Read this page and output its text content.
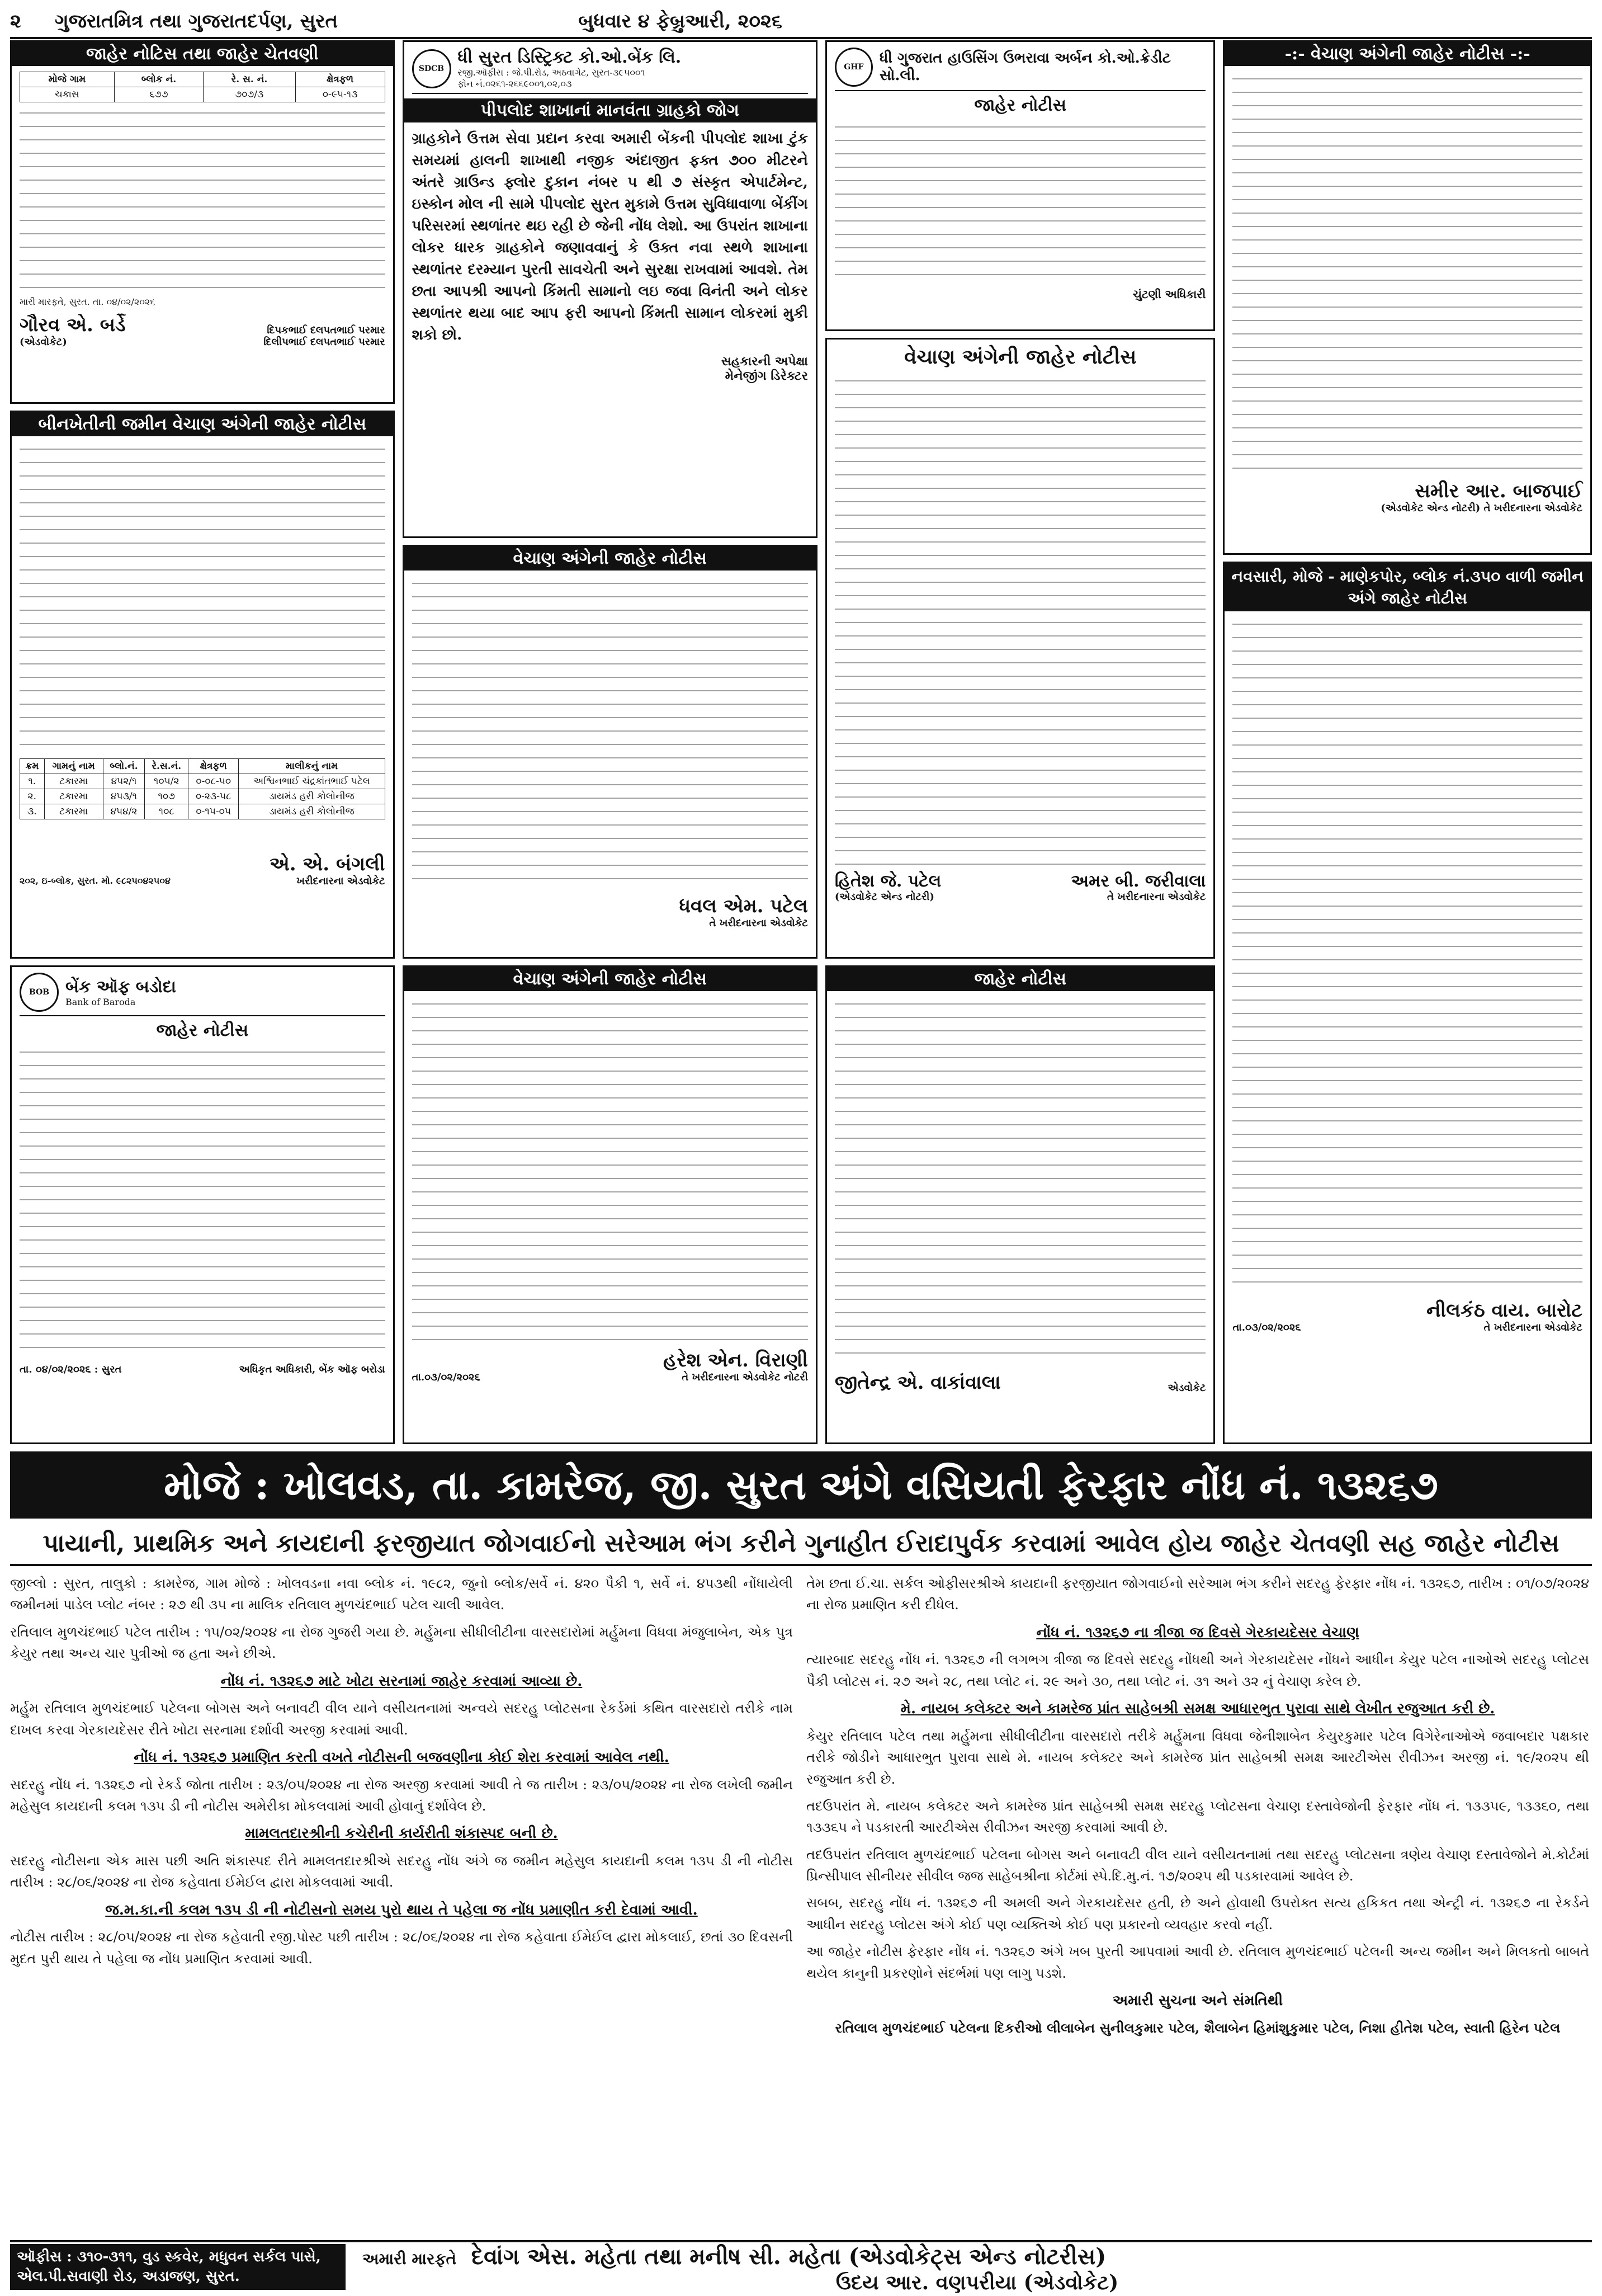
૨	ગુજરાતમિત્ર તથા ગુજરાતદર્પણ, સુરત	બુધવાર ૪ ફેબ્રુઆરી, ૨૦૨૬
જાહેર નોટિસ તથા જાહેર ચેતવણી
મોજે ગામ	બ્લોક નં.	રે. સ. નં.	ક્ષેત્રફળ
ચકાસ	૬૭૭	૭૦૭/૩	૦-૯૫-૧૩
મારી મારફતે, સુરત. તા. ૦૪/૦૨/૨૦૨૬
ગૌરવ એ. બર્ડે
(એડવોકેટ)
દિપકભાઈ દલપતભાઈ પરમાર
દિલીપભાઈ દલપતભાઈ પરમાર
બીનખેતીની જમીન વેચાણ અંગેની જાહેર નોટીસ
ક્રમ	ગામનું નામ	બ્લો.નં.	રે.સ.નં.	ક્ષેત્રફળ	માલીકનું નામ
૧.	ટકારમા	૪૫૨/૧	૧૦૫/૨	૦-૦૮-૫૦	અશ્વિનભાઈ ચંદ્રકાંતભાઈ પટેલ
૨.	ટકારમા	૪૫૩/૧	૧૦૭	૦-૨૩-૫૮	ડાયમંડ હરી કોલોનીજ
૩.	ટકારમા	૪૫૪/૨	૧૦૮	૦-૧૫-૦૫	ડાયમંડ હરી કોલોનીજ
૨૦૨, ઇ-બ્લોક, સુરત. મો. ૯૮૨૫૦૪૨૫૦૪
એ. એ. બંગલી
ખરીદનારના એડવોકેટ
BOB બેંક ઑફ બડોદા
Bank of Baroda
જાહેર નોટીસ
તા. ૦૪/૦૨/૨૦૨૬ : સુરત	અધિકૃત અધિકારી, બેંક ઑફ બરોડા
SDCB
ધી સુરત ડિસ્ટ્રિક્ટ કો.ઓ.બેંક લિ.
રજી.ઑફીસ : જે.પી.રોડ, અઠવાગેટ, સુરત-૩૯૫૦૦૧
ફોન નં.૦૨૬૧-૨૬૬૯૦૦૧,૦૨,૦૩
પીપલોદ શાખાનાં માનવંતા ગ્રાહકો જોગ
ગ્રાહકોને ઉત્તમ સેવા પ્રદાન કરવા અમારી બેંકની પીપલોદ શાખા ટુંક સમયમાં હાલની શાખાથી નજીક અંદાજીત ફક્ત ૭૦૦ મીટરને અંતરે ગ્રાઉન્ડ ફ્લોર દુકાન નંબર ૫ થી ૭ સંસ્કૃત એપાર્ટમેન્ટ, ઇસ્કોન મોલ ની સામે પીપલોદ સુરત મુકામે ઉત્તમ સુવિધાવાળા બેંકીંગ પરિસરમાં સ્થળાંતર થઇ રહી છે જેની નોંધ લેશો. આ ઉપરાંત શાખાના લોકર ધારક ગ્રાહકોને જણાવવાનું કે ઉક્ત નવા સ્થળે શાખાના સ્થળાંતર દરમ્યાન પુરતી સાવચેતી અને સુરક્ષા રાખવામાં આવશે. તેમ છતા આપશ્રી આપનો કિંમતી સામાનો લઇ જવા વિનંતી અને લોકર સ્થળાંતર થયા બાદ આપ ફરી આપનો કિંમતી સામાન લોકરમાં મુકી શકો છો.
સહકારની અપેક્ષા
મેનેજીંગ ડિરેક્ટર
વેચાણ અંગેની જાહેર નોટીસ
ધવલ એમ. પટેલ
તે ખરીદનારના એડવોકેટ
વેચાણ અંગેની જાહેર નોટીસ
તા.૦૩/૦૨/૨૦૨૬
હરેશ એન. વિરાણી
તે ખરીદનારના એડવોકેટ નોટરી
GHF
ધી ગુજરાત હાઉસિંગ ઉભરાવા અર્બન કો.ઓ.ક્રેડીટ સો.લી.
જાહેર નોટીસ
ચુંટણી અધિકારી
વેચાણ અંગેની જાહેર નોટીસ
હિતેશ જે. પટેલ
(એડવોકેટ એન્ડ નોટરી)
અમર બી. જરીવાલા
તે ખરીદનારના એડવોકેટ
જાહેર નોટીસ
જીતેન્દ્ર એ. વાકાંવાલા	એડવોકેટ
-:- વેચાણ અંગેની જાહેર નોટીસ -:-
સમીર આર. બાજપાઈ
(એડવોકેટ એન્ડ નોટરી) તે ખરીદનારના એડવોકેટ
નવસારી, મોજે - માણેકપોર, બ્લોક નં.૩૫૦ વાળી જમીન અંગે જાહેર નોટીસ
તા.૦૩/૦૨/૨૦૨૬
નીલકંઠ વાય. બારોટ
તે ખરીદનારના એડવોકેટ
મોજે : ખોલવડ, તા. કામરેજ, જી. સુરત અંગે વસિયતી ફેરફાર નોંધ નં. ૧૩૨૬૭
પાયાની, પ્રાથમિક અને કાયદાની ફરજીયાત જોગવાઈનો સરેઆમ ભંગ કરીને ગુનાહીત ઈરાદાપુર્વક કરવામાં આવેલ હોય જાહેર ચેતવણી સહ જાહેર નોટીસ

જીલ્લો : સુરત, તાલુકો : કામરેજ, ગામ મોજે : ખોલવડના નવા બ્લોક નં. ૧૯૮૨, જુનો બ્લોક/સર્વે નં. ૪૨૦ પૈકી ૧, સર્વે નં. ૪૫૩થી નોંધાયેલી જમીનમાં પાડેલ પ્લોટ નંબર : ૨૭ થી ૩૫ ના માલિક રતિલાલ મુળચંદભાઈ પટેલ ચાલી આવેલ.

રતિલાલ મુળચંદભાઈ પટેલ તારીખ : ૧૫/૦૨/૨૦૨૪ ના રોજ ગુજરી ગયા છે. મર્હુમના સીધીલીટીના વારસદારોમાં મર્હુમના વિધવા મંજુલાબેન, એક પુત્ર કેયુર તથા અન્ય ચાર પુત્રીઓ જ હતા અને છીએ.

નોંધ નં. ૧૩૨૬૭ માટે ખોટા સરનામાં જાહેર કરવામાં આવ્યા છે.

મર્હુમ રતિલાલ મુળચંદભાઈ પટેલના બોગસ અને બનાવટી વીલ યાને વસીયતનામાં અન્વયે સદરહુ પ્લોટસના રેકર્ડમાં કથિત વારસદારો તરીકે નામ દાખલ કરવા ગેરકાયદેસર રીતે ખોટા સરનામા દર્શાવી અરજી કરવામાં આવી.

નોંધ નં. ૧૩૨૬૭ પ્રમાણિત કરતી વખતે નોટીસની બજવણીના કોઈ શેરા કરવામાં આવેલ નથી.

સદરહુ નોંધ નં. ૧૩૨૬૭ નો રેકર્ડ જોતા તારીખ : ૨૩/૦૫/૨૦૨૪ ના રોજ અરજી કરવામાં આવી તે જ તારીખ : ૨૩/૦૫/૨૦૨૪ ના રોજ લખેલી જમીન મહેસુલ કાયદાની કલમ ૧૩૫ ડી ની નોટીસ અમેરીકા મોકલવામાં આવી હોવાનું દર્શાવેલ છે.

મામલતદારશ્રીની કચેરીની કાર્યરીતી શંકાસ્પદ બની છે.

સદરહુ નોટીસના એક માસ પછી અતિ શંકાસ્પદ રીતે મામલતદારશ્રીએ સદરહુ નોંધ અંગે જ જમીન મહેસુલ કાયદાની કલમ ૧૩૫ ડી ની નોટીસ તારીખ : ૨૮/૦૬/૨૦૨૪ ના રોજ કહેવાતા ઈમેઈલ દ્વારા મોકલવામાં આવી.

જ.મ.કા.ની કલમ ૧૩૫ ડી ની નોટીસનો સમય પુરો થાય તે પહેલા જ નોંધ પ્રમાણીત કરી દેવામાં આવી.

નોટીસ તારીખ : ૨૮/૦૫/૨૦૨૪ ના રોજ કહેવાતી રજી.પોસ્ટ પછી તારીખ : ૨૮/૦૬/૨૦૨૪ ના રોજ કહેવાતા ઈમેઈલ દ્વારા મોકલાઈ, છતાં ૩૦ દિવસની મુદત પુરી થાય તે પહેલા જ નોંધ પ્રમાણિત કરવામાં આવી.

તેમ છતા ઈ.ચા. સર્કલ ઓફીસરશ્રીએ કાયદાની ફરજીયાત જોગવાઈનો સરેઆમ ભંગ કરીને સદરહુ ફેરફાર નોંધ નં. ૧૩૨૬૭, તારીખ : ૦૧/૦૭/૨૦૨૪ ના રોજ પ્રમાણિત કરી દીધેલ.

નોંધ નં. ૧૩૨૬૭ ના ત્રીજા જ દિવસે ગેરકાયદેસર વેચાણ

ત્યારબાદ સદરહુ નોંધ નં. ૧૩૨૬૭ ની લગભગ ત્રીજા જ દિવસે સદરહુ નોંધથી અને ગેરકાયદેસર નોંધને આધીન કેયુર પટેલ નાઓએ સદરહુ પ્લોટસ પૈકી પ્લોટસ નં. ૨૭ અને ૨૮, તથા પ્લોટ નં. ૨૯ અને ૩૦, તથા પ્લોટ નં. ૩૧ અને ૩૨ નું વેચાણ કરેલ છે.

મે. નાયબ કલેક્ટર અને કામરેજ પ્રાંત સાહેબશ્રી સમક્ષ આધારભુત પુરાવા સાથે લેખીત રજુઆત કરી છે.

કેયુર રતિલાલ પટેલ તથા મર્હુમના સીધીલીટીના વારસદારો તરીકે મર્હુમના વિધવા જેનીશાબેન કેયુરકુમાર પટેલ વિગેરેનાઓએ જવાબદાર પક્ષકાર તરીકે જોડીને આધારભુત પુરાવા સાથે મે. નાયબ કલેક્ટર અને કામરેજ પ્રાંત સાહેબશ્રી સમક્ષ આરટીએસ રીવીઝન અરજી નં. ૧૯/૨૦૨૫ થી રજુઆત કરી છે.

તદઉપરાંત મે. નાયબ કલેક્ટર અને કામરેજ પ્રાંત સાહેબશ્રી સમક્ષ સદરહુ પ્લોટસના વેચાણ દસ્તાવેજોની ફેરફાર નોંધ નં. ૧૩૩૫૯, ૧૩૩૬૦, તથા ૧૩૩૬૫ ને પડકારતી આરટીએસ રીવીઝન અરજી કરવામાં આવી છે.

તદઉપરાંત રતિલાલ મુળચંદભાઈ પટેલના બોગસ અને બનાવટી વીલ યાને વસીયતનામાં તથા સદરહુ પ્લોટસના ત્રણેય વેચાણ દસ્તાવેજોને મે.કોર્ટમાં પ્રિન્સીપાલ સીનીયર સીવીલ જજ સાહેબશ્રીના કોર્ટમાં સ્પે.દિ.મુ.નં. ૧૭/૨૦૨૫ થી પડકારવામાં આવેલ છે.

સબબ, સદરહુ નોંધ નં. ૧૩૨૬૭ ની અમલી અને ગેરકાયદેસર હતી, છે અને હોવાથી ઉપરોક્ત સત્ય હકિકત તથા એન્ટ્રી નં. ૧૩૨૬૭ ના રેકર્ડને આધીન સદરહુ પ્લોટસ અંગે કોઈ પણ વ્યક્તિએ કોઈ પણ પ્રકારનો વ્યવહાર કરવો નહીં.

આ જાહેર નોટીસ ફેરફાર નોંધ નં. ૧૩૨૬૭ અંગે ખબ પુરતી આપવામાં આવી છે. રતિલાલ મુળચંદભાઈ પટેલની અન્ય જમીન અને મિલકતો બાબતે થયેલ કાનુની પ્રકરણોને સંદર્ભમાં પણ લાગુ પડશે.

અમારી સુચના અને સંમતિથી

રતિલાલ મુળચંદભાઈ પટેલના દિકરીઓ લીલાબેન સુનીલકુમાર પટેલ, શૈલાબેન હિમાંશુકુમાર પટેલ, નિશા હીતેશ પટેલ, સ્વાતી હિરેન પટેલ

ઑફીસ : ૩૧૦-૩૧૧, વુડ સ્કવેર, મધુવન સર્કલ પાસે, એલ.પી.સવાણી રોડ, અડાજણ, સુરત.
અમારી મારફતે દેવાંગ એસ. મહેતા તથા મનીષ સી. મહેતા (એડવોકેટ્સ એન્ડ નોટરીસ)
ઉદય આર. વણપરીયા (એડવોકેટ)
